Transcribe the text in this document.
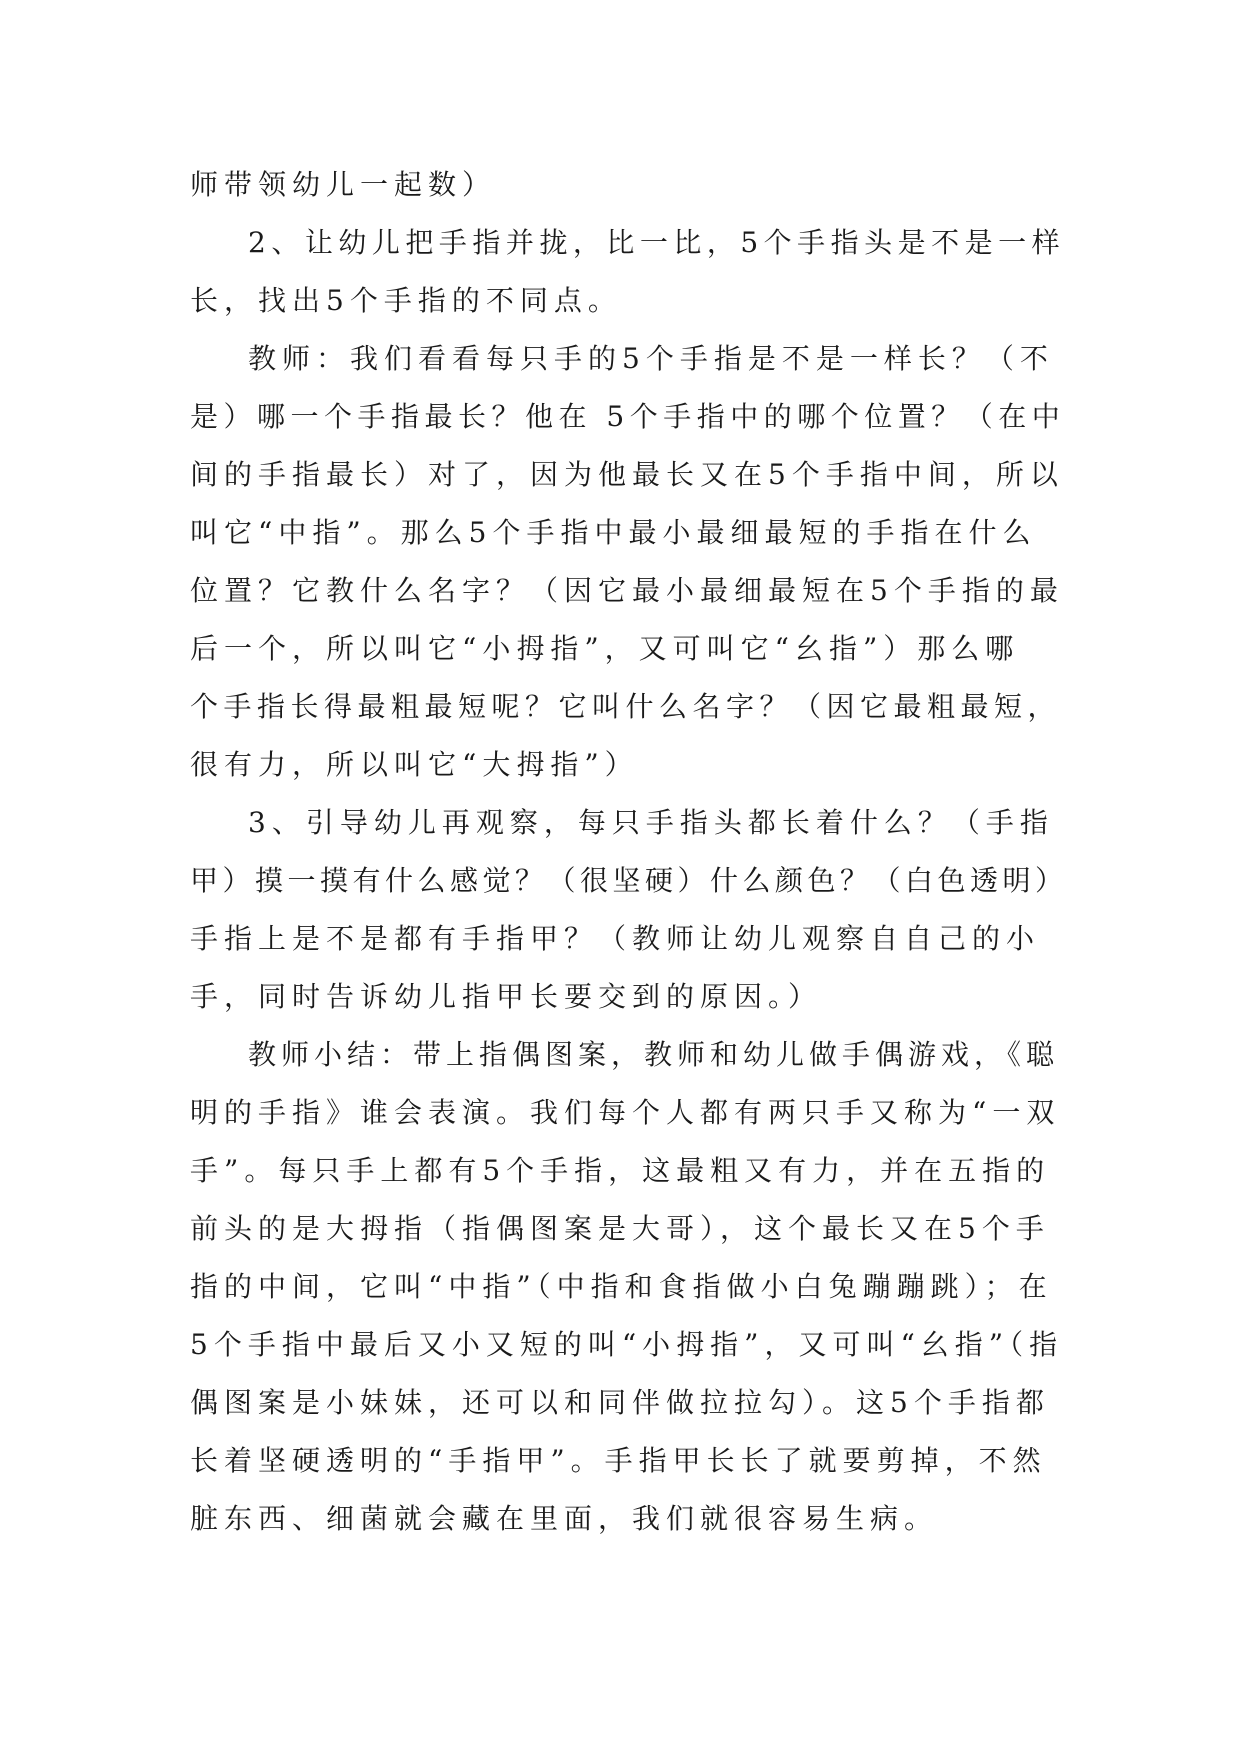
师带领幼儿一起数）
2、让幼儿把手指并拢，比一比，5个手指头是不是一样
长，找出5个手指的不同点。
教师：我们看看每只手的5个手指是不是一样长？（不
是）哪一个手指最长？他在 5个手指中的哪个位置？（在中
间的手指最长）对了，因为他最长又在5个手指中间，所以
叫它“中指”。那么5个手指中最小最细最短的手指在什么
位置？它教什么名字？（因它最小最细最短在5个手指的最
后一个，所以叫它“小拇指”，又可叫它“幺指”）那么哪
个手指长得最粗最短呢？它叫什么名字？（因它最粗最短，
很有力，所以叫它“大拇指”）
3、引导幼儿再观察，每只手指头都长着什么？（手指
甲）摸一摸有什么感觉？（很坚硬）什么颜色？（白色透明）
手指上是不是都有手指甲？（教师让幼儿观察自自己的小
手，同时告诉幼儿指甲长要交到的原因。）
教师小结：带上指偶图案，教师和幼儿做手偶游戏，《聪
明的手指》谁会表演。我们每个人都有两只手又称为“一双
手”。每只手上都有5个手指，这最粗又有力，并在五指的
前头的是大拇指（指偶图案是大哥），这个最长又在5个手
指的中间，它叫“中指”（中指和食指做小白兔蹦蹦跳）；在
5个手指中最后又小又短的叫“小拇指”，又可叫“幺指”（指
偶图案是小妹妹，还可以和同伴做拉拉勾）。这5个手指都
长着坚硬透明的“手指甲”。手指甲长长了就要剪掉，不然
脏东西、细菌就会藏在里面，我们就很容易生病。
